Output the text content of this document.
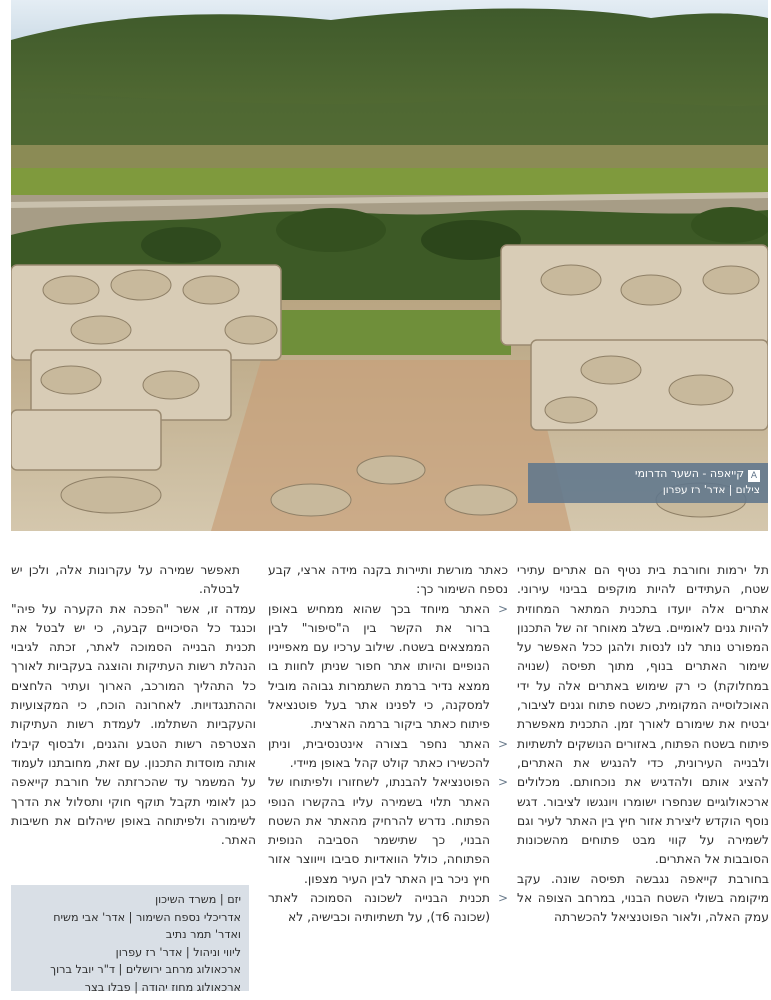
Aקייאפה - השער הדרומי
צילום | אדר' רז עפרון

תל ירמות וחורבת בית נטיף הם אתרים עתירי שטח, העתידים להיות מוקפים בבינוי עירוני. אתרים אלה יועדו בתכנית המתאר המחוזית להיות גנים לאומיים. בשלב מאוחר זה של התכנון המפורט נותר לנו לנסות ולהגן ככל האפשר על שימור האתרים בנוף, מתוך תפיסה (שנויה במחלוקת) כי רק שימוש באתרים אלה על ידי האוכלוסייה המקומית, כשטח פתוח וגנים לציבור, יבטיח את שימורם לאורך זמן. התכנית מאפשרת פיתוח בשטח הפתוח, באזורים הנושקים לתשתיות ולבנייה העירונית, כדי להנגיש את האתרים, להציג אותם ולהדגיש את נוכחותם. מכלולים ארכאולוגיים שנחפרו ישומרו ויונגשו לציבור. דגש נוסף הוקדש ליצירת אזור חיץ בין האתר לעיר וגם לשמירה על קווי מבט פתוחים מהשכונות הסובבות אל האתרים.

בחורבת קייאפה נגבשה תפיסה שונה. עקב מיקומה בשולי השטח הבנוי, במרחב הצופה אל עמק האלה, ולאור הפוטנציאל להכשרתה

כאתר מורשת ותיירות בקנה מידה ארצי, קבע נספח השימור כך:

< האתר מיוחד בכך שהוא ממחיש באופן ברור את הקשר בין ה"סיפור" לבין הממצאים בשטח. שילוב ערכיו עם מאפייניו הנופיים והיותו אתר חפור שניתן לחוות בו ממצא נדיר ברמת השתמרות גבוהה מוביל למסקנה, כי לפנינו אתר בעל פוטנציאל פיתוח כאתר ביקור ברמה הארצית.
< האתר נחפר בצורה אינטנסיבית, וניתן להכשירו כאתר קולט קהל באופן מיידי.
< הפוטנציאל להבנתו, לשחזורו ולפיתוחו של האתר תלוי בשמירה עליו בהקשרו הנופי הפתוח. נדרש להרחיק מהאתר את השטח הבנוי, כך שתישמר הסביבה הנופית הפתוחה, כולל הוואדיות סביבו וייווצר אזור חיץ ניכר בין האתר לבין העיר מצפון.
< תכנית הבנייה לשכונה הסמוכה לאתר (שכונה 6ד), על תשתיותיה וכבישיה, לא

תאפשר שמירה על עקרונות אלה, ולכן יש לבטלה.

עמדה זו, אשר "הפכה את הקערה על פיה" וכנגד כל הסיכויים קבעה, כי יש לבטל את תכנית הבנייה הסמוכה לאתר, זכתה לגיבוי הנהלת רשות העתיקות והוצגה בעקביות לאורך כל התהליך המורכב, הארוך ועתיר הלחצים וההתנגדויות. לאחרונה הוכח, כי המקצועיות והעקביות השתלמו. לעמדת רשות העתיקות הצטרפה רשות הטבע והגנים, ולבסוף קיבלו אותה מוסדות התכנון. עם זאת, מחובתנו לעמוד על המשמר עד שהכרזתה של חורבת קייאפה כגן לאומי תקבל תוקף חוקי ותסלול את הדרך לשימורה ולפיתוחה באופן שיהלום את חשיבות האתר.

יזם | משרד השיכון
אדריכלי נספח השימור | אדר' אבי משיח
ואדר' תמר נתיב
ליווי וניהול | אדר' רז עפרון
ארכאולוג מרחב ירושלים | ד"ר יובל ברוך
ארכאולוג מחוז יהודה | פבלו בצר
